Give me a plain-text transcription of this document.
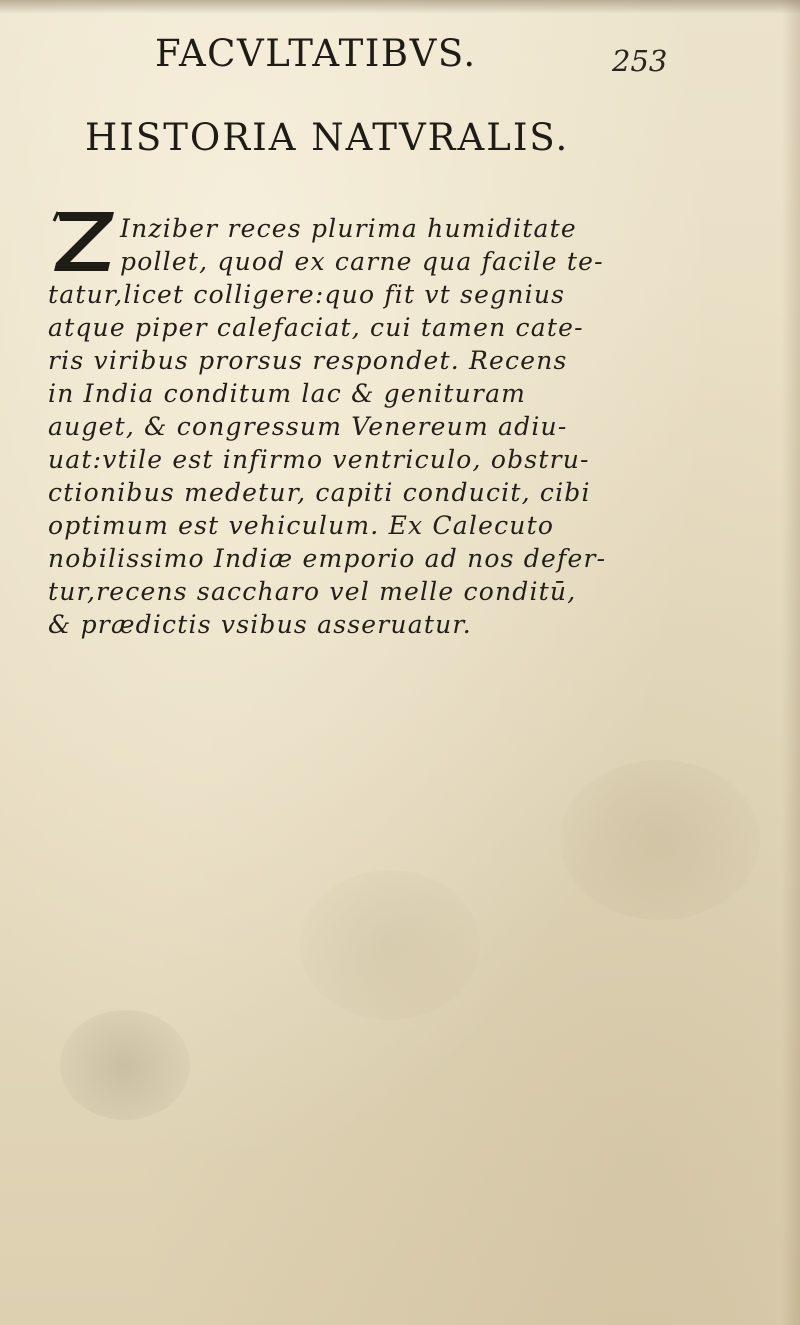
FACVLTATIBVS.	253
HISTORIA NATVRALIS.
Inziber reces plurima humiditate
pollet, quod ex carne qua facile te-
tatur,licet colligere:quo fit vt segnius
atque piper calefaciat, cui tamen cate-
ris viribus prorsus respondet. Recens
in India conditum lac & genituram
auget, & congressum Venereum adiu-
uat:vtile est infirmo ventriculo, obstru-
ctionibus medetur, capiti conducit, cibi
optimum est vehiculum. Ex Calecuto
nobilissimo Indiæ emporio ad nos defer-
tur,recens saccharo vel melle conditū,
& prædictis vsibus asseruatur.
